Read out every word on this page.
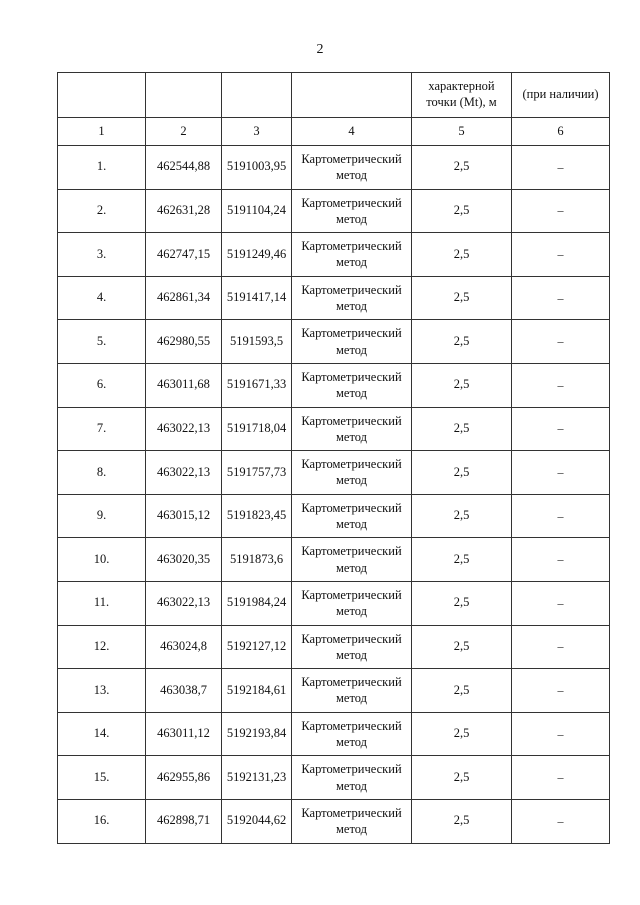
2
				характерной точки (Mt), м	(при наличии)
1	2	3	4	5	6
1.	462544,88	5191003,95	Картометрический метод	2,5	–
2.	462631,28	5191104,24	Картометрический метод	2,5	–
3.	462747,15	5191249,46	Картометрический метод	2,5	–
4.	462861,34	5191417,14	Картометрический метод	2,5	–
5.	462980,55	5191593,5	Картометрический метод	2,5	–
6.	463011,68	5191671,33	Картометрический метод	2,5	–
7.	463022,13	5191718,04	Картометрический метод	2,5	–
8.	463022,13	5191757,73	Картометрический метод	2,5	–
9.	463015,12	5191823,45	Картометрический метод	2,5	–
10.	463020,35	5191873,6	Картометрический метод	2,5	–
11.	463022,13	5191984,24	Картометрический метод	2,5	–
12.	463024,8	5192127,12	Картометрический метод	2,5	–
13.	463038,7	5192184,61	Картометрический метод	2,5	–
14.	463011,12	5192193,84	Картометрический метод	2,5	–
15.	462955,86	5192131,23	Картометрический метод	2,5	–
16.	462898,71	5192044,62	Картометрический метод	2,5	–
